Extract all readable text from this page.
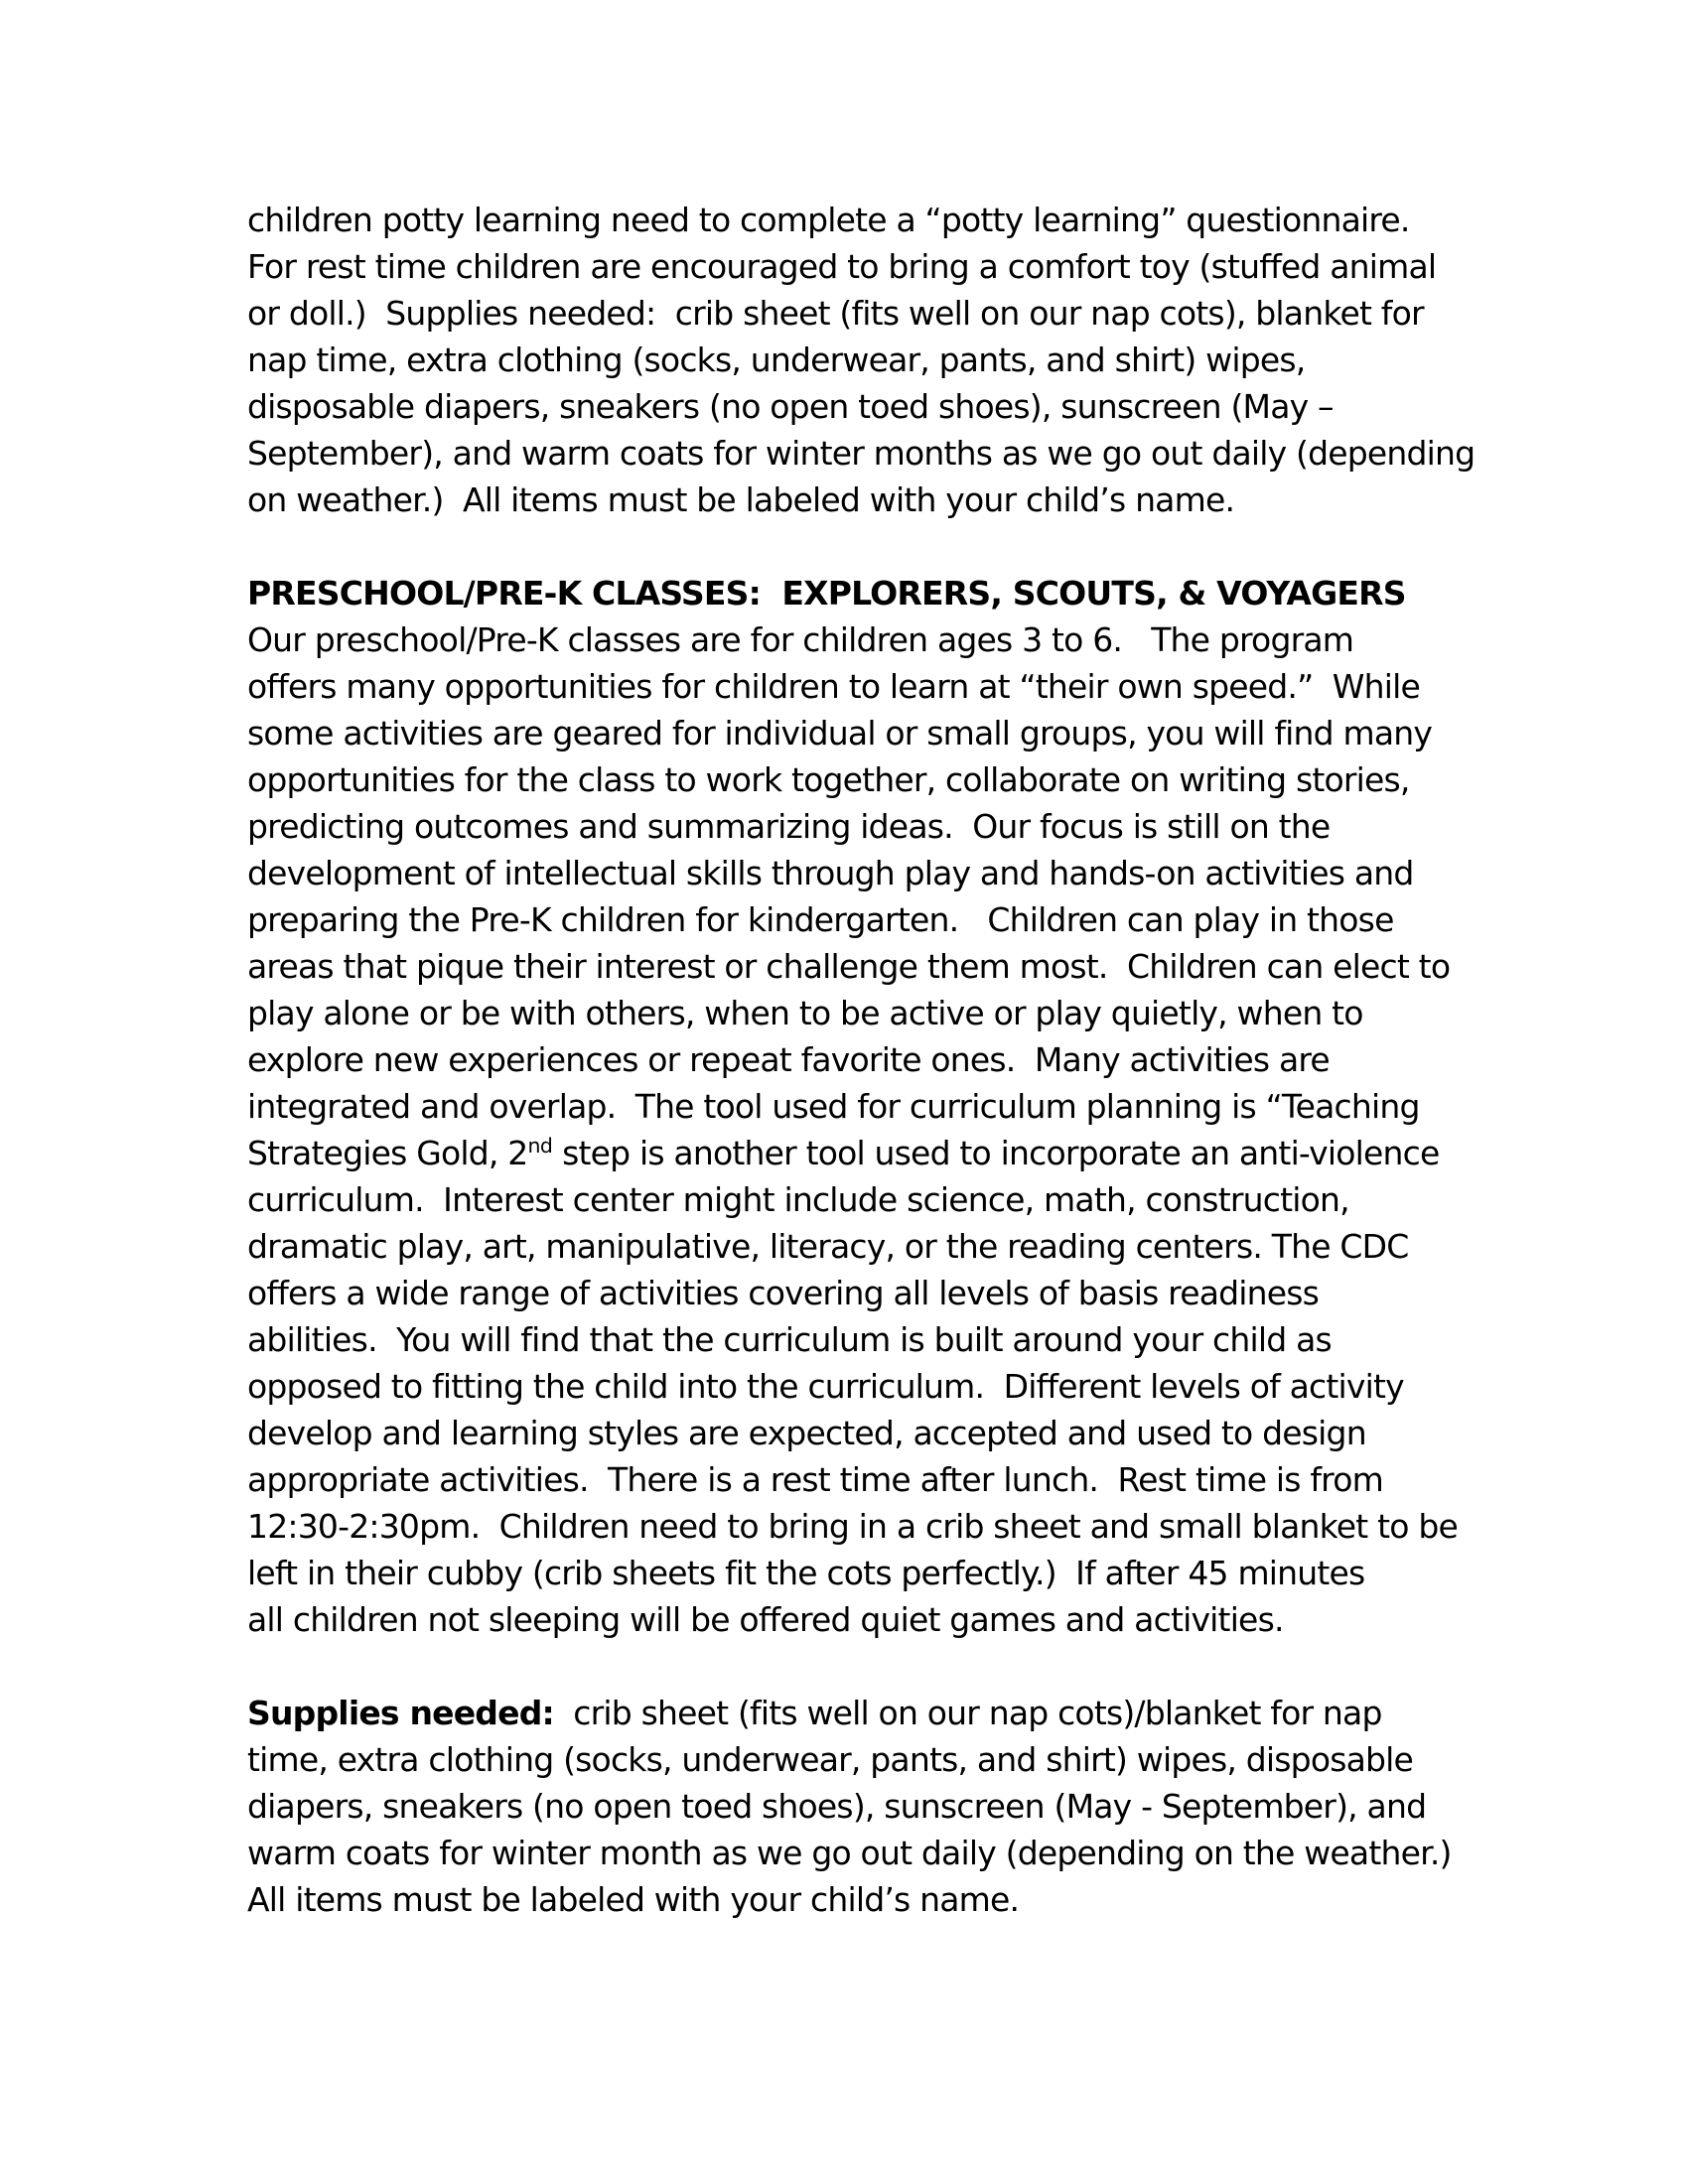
children potty learning need to complete a “potty learning” questionnaire.
For rest time children are encouraged to bring a comfort toy (stuffed animal
or doll.)  Supplies needed:  crib sheet (fits well on our nap cots), blanket for
nap time, extra clothing (socks, underwear, pants, and shirt) wipes,
disposable diapers, sneakers (no open toed shoes), sunscreen (May –
September), and warm coats for winter months as we go out daily (depending
on weather.)  All items must be labeled with your child’s name.
PRESCHOOL/PRE-K CLASSES:  EXPLORERS, SCOUTS, & VOYAGERS
Our preschool/Pre-K classes are for children ages 3 to 6.   The program
offers many opportunities for children to learn at “their own speed.”  While
some activities are geared for individual or small groups, you will find many
opportunities for the class to work together, collaborate on writing stories,
predicting outcomes and summarizing ideas.  Our focus is still on the
development of intellectual skills through play and hands-on activities and
preparing the Pre-K children for kindergarten.   Children can play in those
areas that pique their interest or challenge them most.  Children can elect to
play alone or be with others, when to be active or play quietly, when to
explore new experiences or repeat favorite ones.  Many activities are
integrated and overlap.  The tool used for curriculum planning is “Teaching
Strategies Gold, 2nd step is another tool used to incorporate an anti-violence
curriculum.  Interest center might include science, math, construction,
dramatic play, art, manipulative, literacy, or the reading centers. The CDC
offers a wide range of activities covering all levels of basis readiness
abilities.  You will find that the curriculum is built around your child as
opposed to fitting the child into the curriculum.  Different levels of activity
develop and learning styles are expected, accepted and used to design
appropriate activities.  There is a rest time after lunch.  Rest time is from
12:30-2:30pm.  Children need to bring in a crib sheet and small blanket to be
left in their cubby (crib sheets fit the cots perfectly.)  If after 45 minutes
all children not sleeping will be offered quiet games and activities.
Supplies needed:  crib sheet (fits well on our nap cots)/blanket for nap
time, extra clothing (socks, underwear, pants, and shirt) wipes, disposable
diapers, sneakers (no open toed shoes), sunscreen (May - September), and
warm coats for winter month as we go out daily (depending on the weather.)
All items must be labeled with your child’s name.
